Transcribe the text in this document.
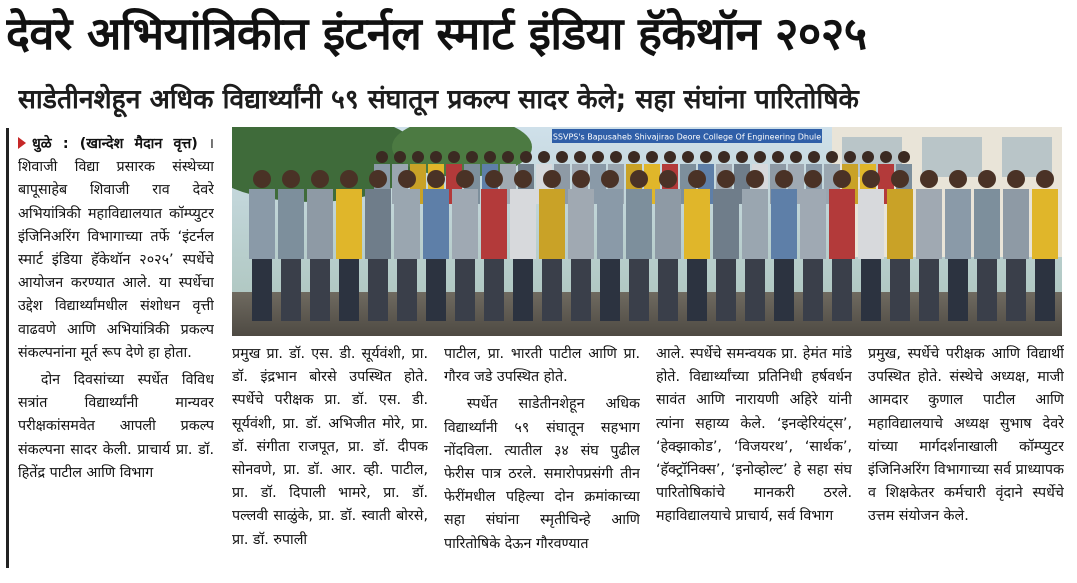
देवरे अभियांत्रिकीत इंटर्नल स्मार्ट इंडिया हॅकेथॉन २०२५
साडेतीनशेहून अधिक विद्यार्थ्यांनी ५९ संघातून प्रकल्प सादर केले; सहा संघांना पारितोषिके

धुळे : (खान्देश मैदान वृत्त) । शिवाजी विद्या प्रसारक संस्थेच्या बापूसाहेब शिवाजी राव देवरे अभियांत्रिकी महाविद्यालयात कॉम्प्युटर इंजिनिअरिंग विभागाच्या तर्फे ‘इंटर्नल स्मार्ट इंडिया हॅकेथॉन २०२५’ स्पर्धेचे आयोजन करण्यात आले. या स्पर्धेचा उद्देश विद्यार्थ्यांमधील संशोधन वृत्ती वाढवणे आणि अभियांत्रिकी प्रकल्प संकल्पनांना मूर्त रूप देणे हा होता.

दोन दिवसांच्या स्पर्धेत विविध सत्रांत विद्यार्थ्यांनी मान्यवर परीक्षकांसमवेत आपली प्रकल्प संकल्पना सादर केली. प्राचार्य प्रा. डॉ. हितेंद्र पाटील आणि विभाग

SSVPS's Bapusaheb Shivajirao Deore College Of Engineering Dhule

प्रमुख प्रा. डॉ. एस. डी. सूर्यवंशी, प्रा. डॉ. इंद्रभान बोरसे उपस्थित होते. स्पर्धेचे परीक्षक प्रा. डॉ. एस. डी. सूर्यवंशी, प्रा. डॉ. अभिजीत मोरे, प्रा. डॉ. संगीता राजपूत, प्रा. डॉ. दीपक सोनवणे, प्रा. डॉ. आर. व्ही. पाटील, प्रा. डॉ. दिपाली भामरे, प्रा. डॉ. पल्लवी साळुंके, प्रा. डॉ. स्वाती बोरसे, प्रा. डॉ. रुपाली

पाटील, प्रा. भारती पाटील आणि प्रा. गौरव जडे उपस्थित होते.

स्पर्धेत साडेतीनशेहून अधिक विद्यार्थ्यांनी ५९ संघातून सहभाग नोंदविला. त्यातील ३४ संघ पुढील फेरीस पात्र ठरले. समारोपप्रसंगी तीन फेरींमधील पहिल्या दोन क्रमांकाच्या सहा संघांना स्मृतीचिन्हे आणि पारितोषिके देऊन गौरवण्यात

आले. स्पर्धेचे समन्वयक प्रा. हेमंत मांडे होते. विद्यार्थ्यांच्या प्रतिनिधी हर्षवर्धन सावंत आणि नारायणी अहिरे यांनी त्यांना सहाय्य केले. ‘इनव्हेरियंट्स’, ‘हेक्झाकोड’, ‘विजयरथ’, ‘सार्थक’, ‘हॅक्ट्रॉनिक्स’, ‘इनोव्होल्ट’ हे सहा संघ पारितोषिकांचे मानकरी ठरले. महाविद्यालयाचे प्राचार्य, सर्व विभाग

प्रमुख, स्पर्धेचे परीक्षक आणि विद्यार्थी उपस्थित होते. संस्थेचे अध्यक्ष, माजी आमदार कुणाल पाटील आणि महाविद्यालयाचे अध्यक्ष सुभाष देवरे यांच्या मार्गदर्शनाखाली कॉम्प्युटर इंजिनिअरिंग विभागाच्या सर्व प्राध्यापक व शिक्षकेतर कर्मचारी वृंदाने स्पर्धेचे उत्तम संयोजन केले.
